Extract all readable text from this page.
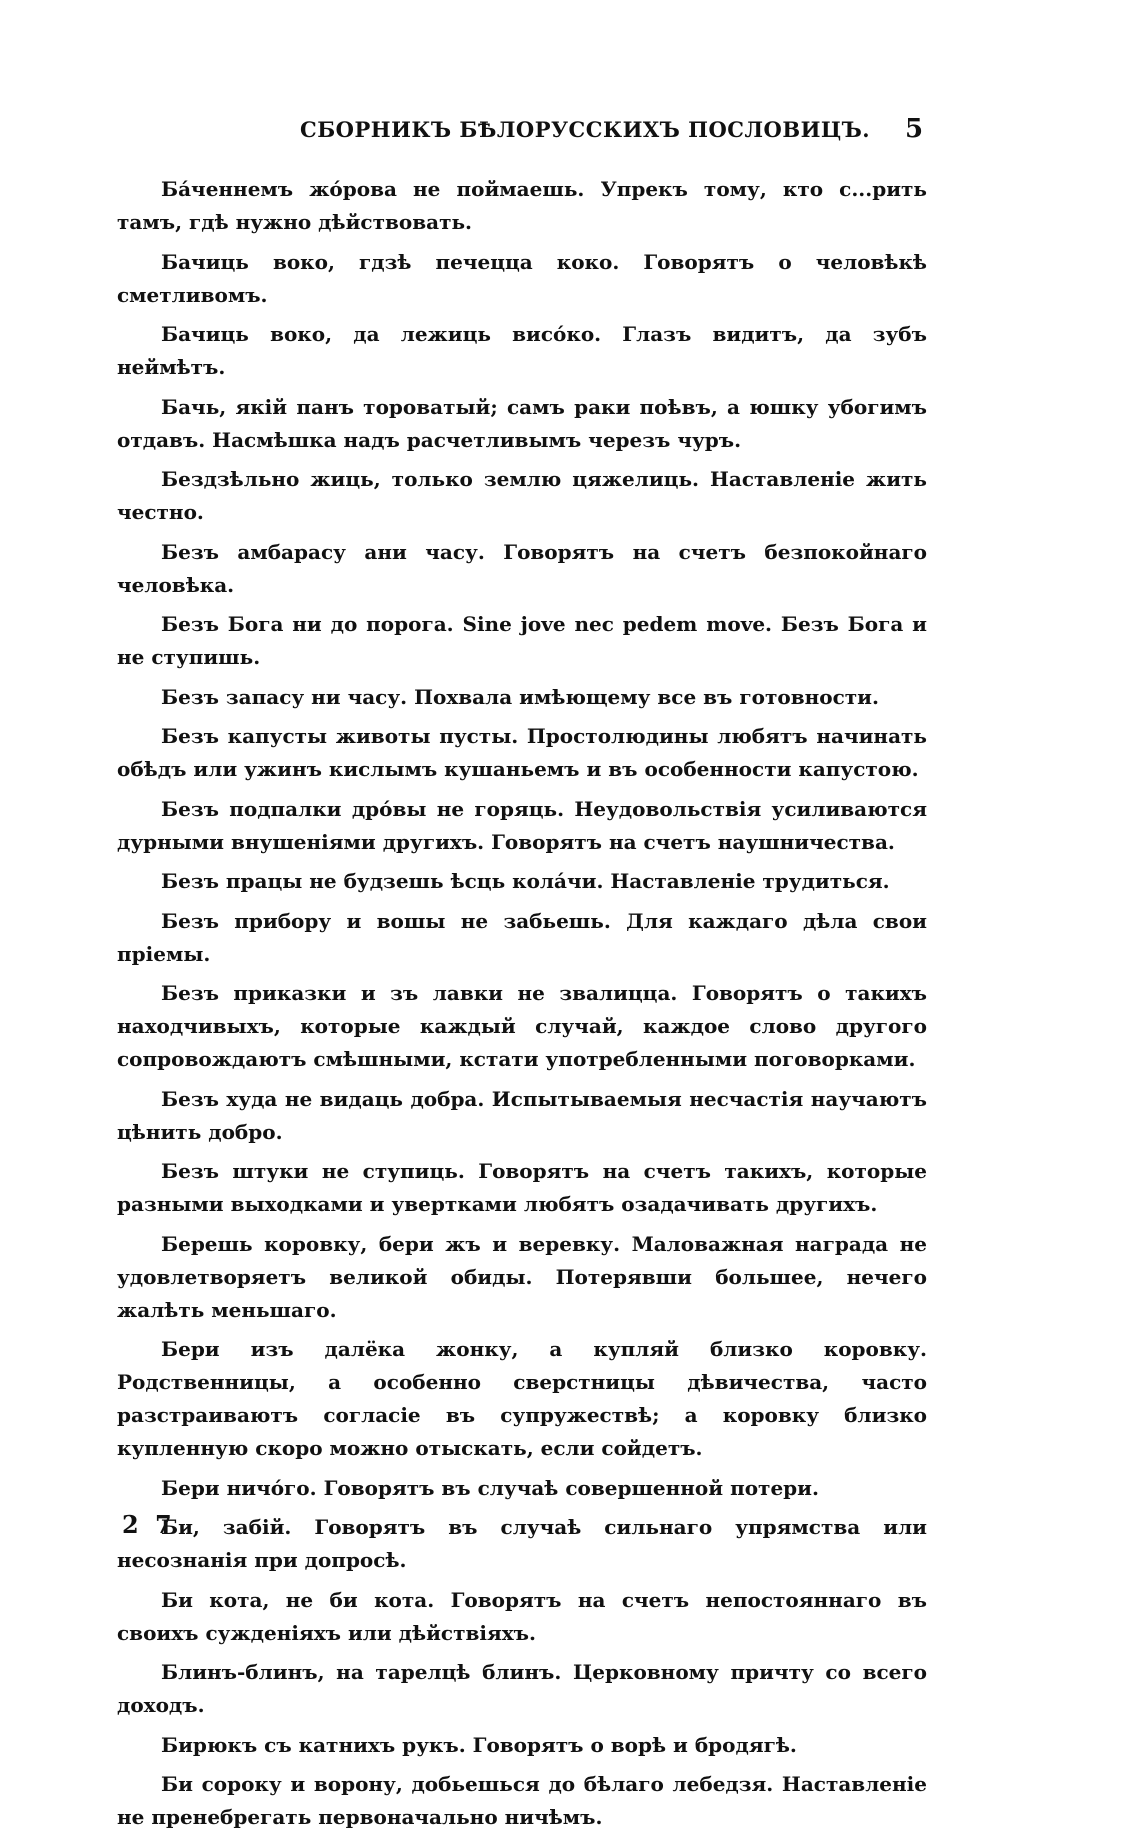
СБОРНИКЪ БѢЛОРУССКИХЪ ПОСЛОВИЦЪ. 5

Ба́ченнемъ жо́рова не поймаешь. Упрекъ тому, кто с...рить тамъ, гдѣ нужно дѣйствовать.

Бачиць воко, гдзѣ печецца коко. Говорятъ о человѣкѣ сметливомъ.

Бачиць воко, да лежиць висо́ко. Глазъ видитъ, да зубъ неймѣтъ.

Бачь, якій панъ тороватый; самъ раки поѣвъ, а юшку убогимъ отдавъ. Насмѣшка надъ расчетливымъ черезъ чуръ.

Бездзѣльно жиць, только землю цяжелиць. Наставленіе жить честно.

Безъ амбарасу ани часу. Говорятъ на счетъ безпокойнаго человѣка.

Безъ Бога ни до порога. Sine jove nec pedem move. Безъ Бога и не ступишь.

Безъ запасу ни часу. Похвала имѣющему все въ готовности.

Безъ капусты животы пусты. Простолюдины любятъ начинать обѣдъ или ужинъ кислымъ кушаньемъ и въ особенности капустою.

Безъ подпалки дро́вы не горяць. Неудовольствія усиливаются дурными внушеніями другихъ. Говорятъ на счетъ наушничества.

Безъ працы не будзешь ѣсць кола́чи. Наставленіе трудиться.

Безъ прибору и вошы не забьешь. Для каждаго дѣла свои пріемы.

Безъ приказки и зъ лавки не звалицца. Говорятъ о такихъ находчивыхъ, которые каждый случай, каждое слово другого сопровождаютъ смѣшными, кстати употребленными поговорками.

Безъ худа не видаць добра. Испытываемыя несчастія научаютъ цѣнить добро.

Безъ штуки не ступиць. Говорятъ на счетъ такихъ, которые разными выходками и увертками любятъ озадачивать другихъ.

Берешь коровку, бери жъ и веревку. Маловажная награда не удовлетворяетъ великой обиды. Потерявши большее, нечего жалѣть меньшаго.

Бери изъ далёка жонку, а купляй близко коровку. Родственницы, а особенно сверстницы дѣвичества, часто разстраиваютъ согласіе въ супружествѣ; а коровку близко купленную скоро можно отыскать, если сойдетъ.

Бери ничо́го. Говорятъ въ случаѣ совершенной потери.

Би, забій. Говорятъ въ случаѣ сильнаго упрямства или несознанія при допросѣ.

Би кота, не би кота. Говорятъ на счетъ непостояннаго въ своихъ сужденіяхъ или дѣйствіяхъ.

Блинъ-блинъ, на тарелцѣ блинъ. Церковному причту со всего доходъ.

Бирюкъ съ катниxъ рукъ. Говорятъ о ворѣ и бродягѣ.

Би сороку и ворону, добьешься до бѣлаго лебедзя. Наставленіе не пренебрегать первоначально ничѣмъ.

2 7
